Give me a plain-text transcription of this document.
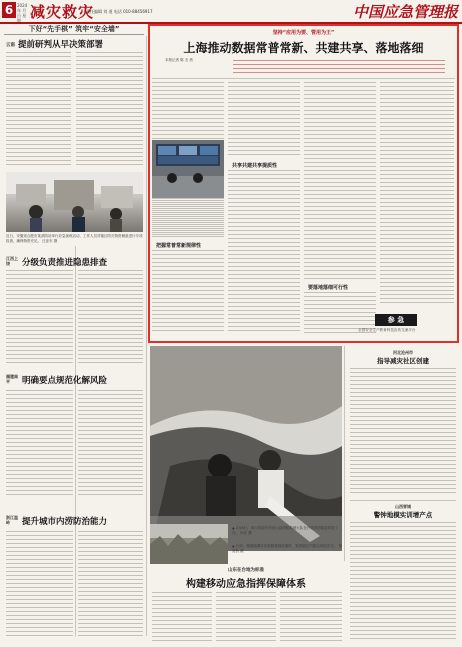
6 2024年 月 日 星期 减灾救灾
责任编辑 刘 道 电话 010-88456917	中国应急管理报
下好“先手棋” 筑牢“安全墙”
云南 提前研判从早决策部署
近日，安徽省合肥市某消防站举行应急演练活动，工作人员对辖区防灾物资储备进行专项检查，确保物资充足。 汪亚东 摄
江西上饶	分级负责推进隐患排查
福建南平	明确要点规范化解风险
浙江温岭	提升城市内涝防治能力
坚持“应用为要、管用为王”
上海推动数据常普常新、共建共享、落地落细
本报记者 陈 丕 茜
共享共建共享提质性
把握常普常新规律性
要落地落细可行性
参 急
全国安全生产教育科技宣传交流平台
▲ 2月8日，四川省南充市营山县消防救援大队在开展消防隐患排查工作。 何乐 摄
▲ 日前，湖南湘潭市在抢修基础设施时，抽查辖区内群众用电安全。 郑炎秋 摄
河北沧州市
指导减灾社区创建
山西晋城
警钟地模实训增产点
山东在台地为标准
构建移动应急指挥保障体系
